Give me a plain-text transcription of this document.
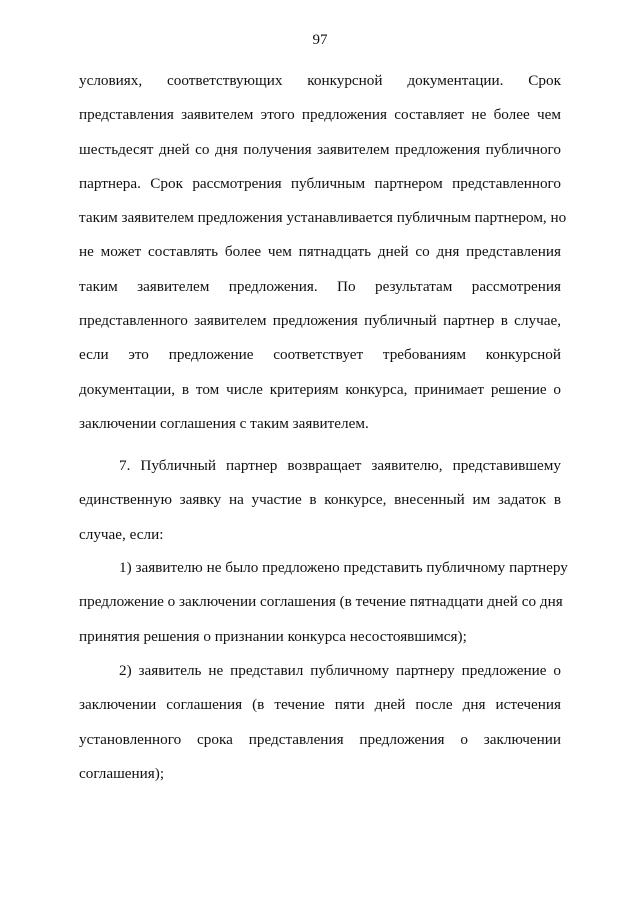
97
условиях, соответствующих конкурсной документации. Срок
представления заявителем этого предложения составляет не более чем
шестьдесят дней со дня получения заявителем предложения публичного
партнера. Срок рассмотрения публичным партнером представленного
таким заявителем предложения устанавливается публичным партнером, но
не может составлять более чем пятнадцать дней со дня представления
таким заявителем предложения. По результатам рассмотрения
представленного заявителем предложения публичный партнер в случае,
если это предложение соответствует требованиям конкурсной
документации, в том числе критериям конкурса, принимает решение о
заключении соглашения с таким заявителем.
7. Публичный партнер возвращает заявителю, представившему
единственную заявку на участие в конкурсе, внесенный им задаток в
случае, если:
1) заявителю не было предложено представить публичному партнеру
предложение о заключении соглашения (в течение пятнадцати дней со дня
принятия решения о признании конкурса несостоявшимся);
2) заявитель не представил публичному партнеру предложение о
заключении соглашения (в течение пяти дней после дня истечения
установленного срока представления предложения о заключении
соглашения);
